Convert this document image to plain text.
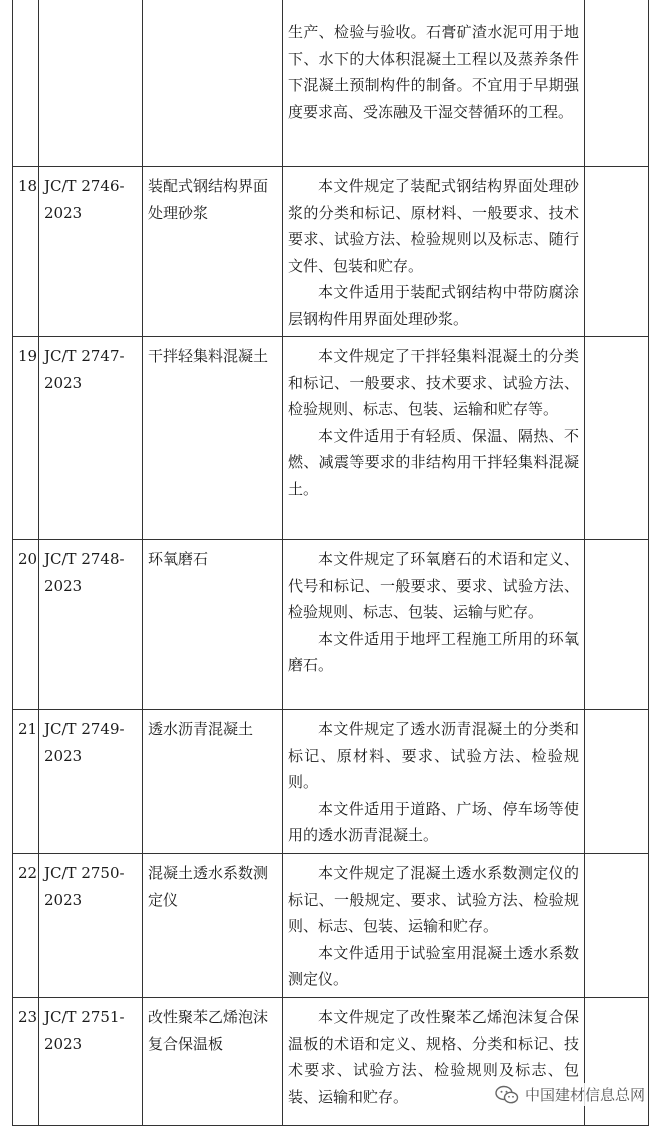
			生产、检验与验收。石膏矿渣水泥可用于地下、水下的大体积混凝土工程以及蒸养条件下混凝土预制构件的制备。不宜用于早期强度要求高、受冻融及干湿交替循环的工程。	

18	JC/T 2746-2023	装配式钢结构界面处理砂浆	本文件规定了装配式钢结构界面处理砂浆的分类和标记、原材料、一般要求、技术要求、试验方法、检验规则以及标志、随行文件、包装和贮存。

本文件适用于装配式钢结构中带防腐涂层钢构件用界面处理砂浆。	

19	JC/T 2747-2023	干拌轻集料混凝土	本文件规定了干拌轻集料混凝土的分类和标记、一般要求、技术要求、试验方法、检验规则、标志、包装、运输和贮存等。

本文件适用于有轻质、保温、隔热、不燃、减震等要求的非结构用干拌轻集料混凝土。	

20	JC/T 2748-2023	环氧磨石	本文件规定了环氧磨石的术语和定义、代号和标记、一般要求、要求、试验方法、检验规则、标志、包装、运输与贮存。

本文件适用于地坪工程施工所用的环氧磨石。	

21	JC/T 2749-2023	透水沥青混凝土	本文件规定了透水沥青混凝土的分类和标记、原材料、要求、试验方法、检验规则。

本文件适用于道路、广场、停车场等使用的透水沥青混凝土。	

22	JC/T 2750-2023	混凝土透水系数测定仪	本文件规定了混凝土透水系数测定仪的标记、一般规定、要求、试验方法、检验规则、标志、包装、运输和贮存。

本文件适用于试验室用混凝土透水系数测定仪。	

23	JC/T 2751-2023	改性聚苯乙烯泡沫复合保温板	本文件规定了改性聚苯乙烯泡沫复合保温板的术语和定义、规格、分类和标记、技术要求、试验方法、检验规则及标志、包装、运输和贮存。	

		中国建材信息总网
